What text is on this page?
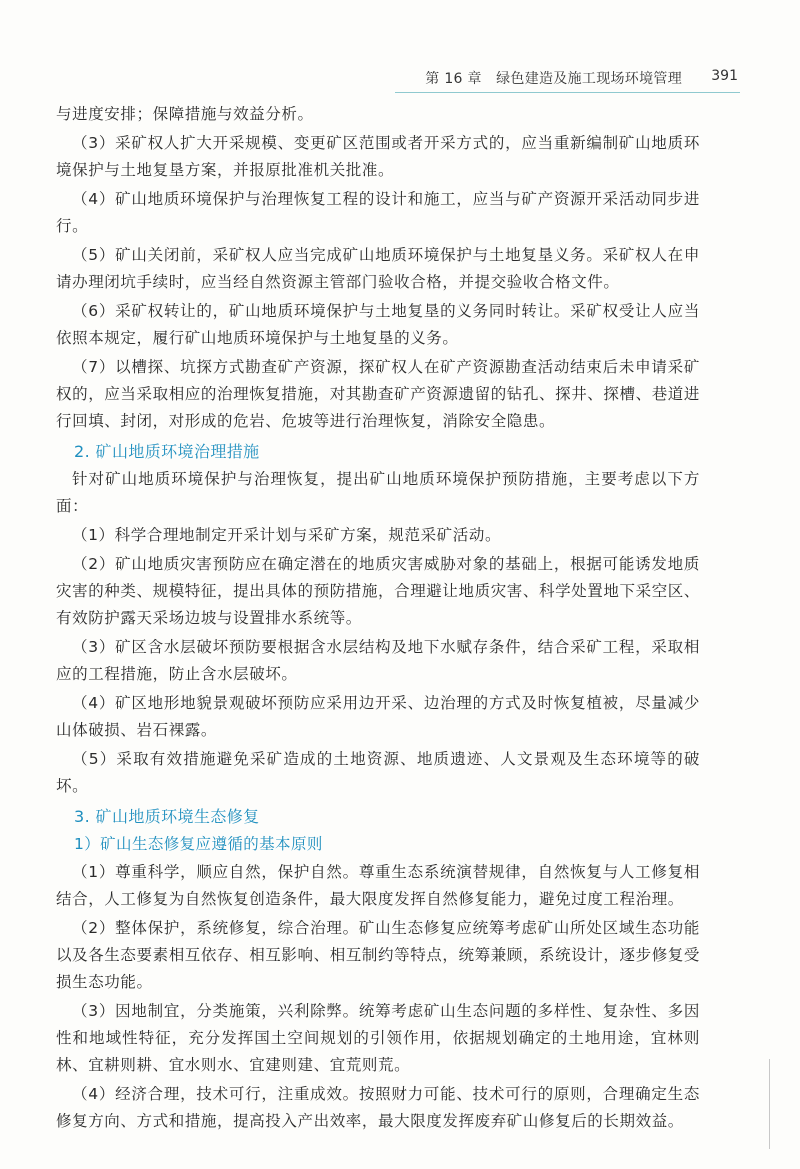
第 16 章　绿色建造及施工现场环境管理 391
与进度安排；保障措施与效益分析。
（3）采矿权人扩大开采规模、变更矿区范围或者开采方式的，应当重新编制矿山地质环境保护与土地复垦方案，并报原批准机关批准。
（4）矿山地质环境保护与治理恢复工程的设计和施工，应当与矿产资源开采活动同步进行。
（5）矿山关闭前，采矿权人应当完成矿山地质环境保护与土地复垦义务。采矿权人在申请办理闭坑手续时，应当经自然资源主管部门验收合格，并提交验收合格文件。
（6）采矿权转让的，矿山地质环境保护与土地复垦的义务同时转让。采矿权受让人应当依照本规定，履行矿山地质环境保护与土地复垦的义务。
（7）以槽探、坑探方式勘查矿产资源，探矿权人在矿产资源勘查活动结束后未申请采矿权的，应当采取相应的治理恢复措施，对其勘查矿产资源遗留的钻孔、探井、探槽、巷道进行回填、封闭，对形成的危岩、危坡等进行治理恢复，消除安全隐患。
2. 矿山地质环境治理措施
针对矿山地质环境保护与治理恢复，提出矿山地质环境保护预防措施，主要考虑以下方面：
（1）科学合理地制定开采计划与采矿方案，规范采矿活动。
（2）矿山地质灾害预防应在确定潜在的地质灾害威胁对象的基础上，根据可能诱发地质灾害的种类、规模特征，提出具体的预防措施，合理避让地质灾害、科学处置地下采空区、有效防护露天采场边坡与设置排水系统等。
（3）矿区含水层破坏预防要根据含水层结构及地下水赋存条件，结合采矿工程，采取相应的工程措施，防止含水层破坏。
（4）矿区地形地貌景观破坏预防应采用边开采、边治理的方式及时恢复植被，尽量减少山体破损、岩石裸露。
（5）采取有效措施避免采矿造成的土地资源、地质遗迹、人文景观及生态环境等的破坏。
3. 矿山地质环境生态修复
1）矿山生态修复应遵循的基本原则
（1）尊重科学，顺应自然，保护自然。尊重生态系统演替规律，自然恢复与人工修复相结合，人工修复为自然恢复创造条件，最大限度发挥自然修复能力，避免过度工程治理。
（2）整体保护，系统修复，综合治理。矿山生态修复应统筹考虑矿山所处区域生态功能以及各生态要素相互依存、相互影响、相互制约等特点，统筹兼顾，系统设计，逐步修复受损生态功能。
（3）因地制宜，分类施策，兴利除弊。统筹考虑矿山生态问题的多样性、复杂性、多因性和地域性特征，充分发挥国土空间规划的引领作用，依据规划确定的土地用途，宜林则林、宜耕则耕、宜水则水、宜建则建、宜荒则荒。
（4）经济合理，技术可行，注重成效。按照财力可能、技术可行的原则，合理确定生态修复方向、方式和措施，提高投入产出效率，最大限度发挥废弃矿山修复后的长期效益。
